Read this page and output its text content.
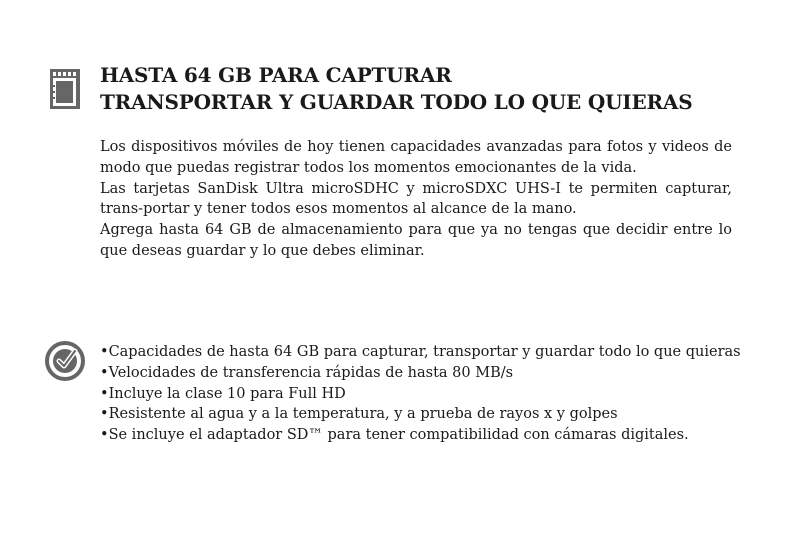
HASTA 64 GB PARA CAPTURAR
TRANSPORTAR Y GUARDAR TODO LO QUE QUIERAS

Los dispositivos móviles de hoy tienen capacidades avanzadas para fotos y videos de modo que puedas registrar todos los momentos emocionantes de la vida.

Las tarjetas SanDisk Ultra microSDHC y microSDXC UHS-I te permiten capturar, trans-portar y tener todos esos momentos al alcance de la mano.

Agrega hasta 64 GB de almacenamiento para que ya no tengas que decidir entre lo que deseas guardar y lo que debes eliminar.

• Capacidades de hasta 64 GB para capturar, transportar y guardar todo lo que quieras
• Velocidades de transferencia rápidas de hasta 80 MB/s
• Incluye la clase 10 para Full HD
• Resistente al agua y a la temperatura, y a prueba de rayos x y golpes
• Se incluye el adaptador SD™ para tener compatibilidad con cámaras digitales.
